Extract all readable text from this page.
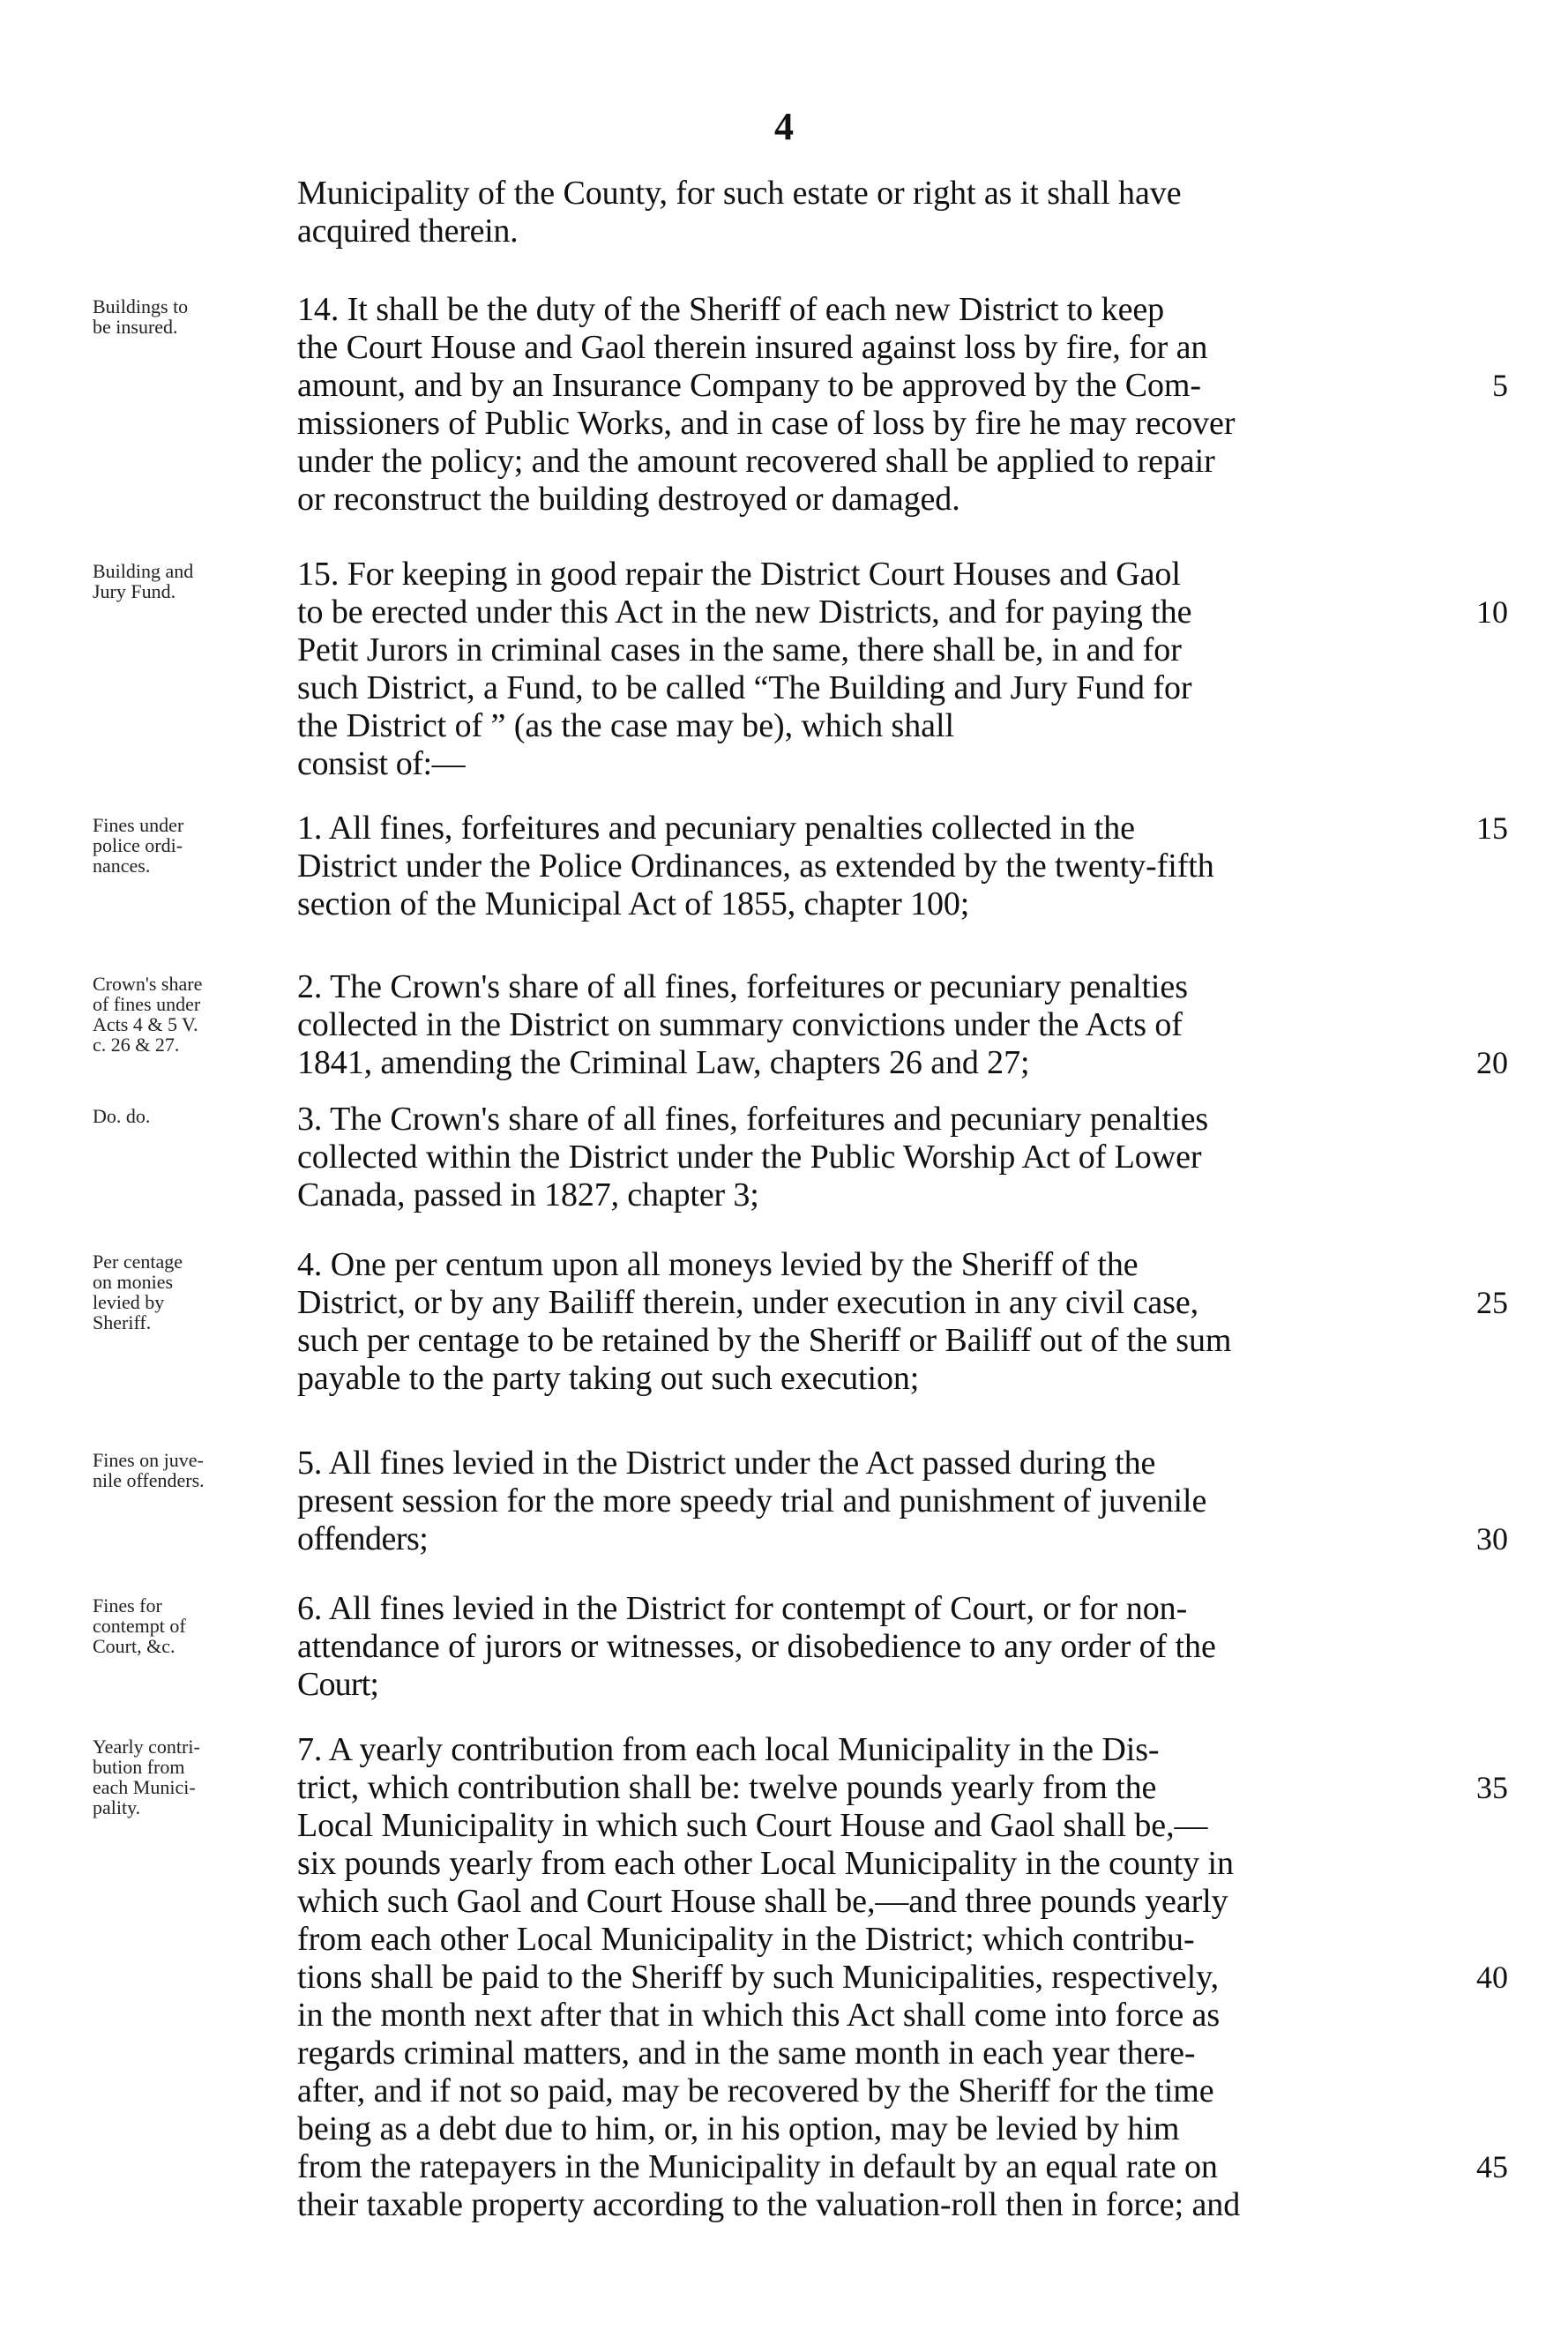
4
Municipality of the County, for such estate or right as it shall have
acquired therein.
Buildings to
be insured.
5
14. It shall be the duty of the Sheriff of each new District to keep
the Court House and Gaol therein insured against loss by fire, for an
amount, and by an Insurance Company to be approved by the Com-
missioners of Public Works, and in case of loss by fire he may recover
under the policy; and the amount recovered shall be applied to repair
or reconstruct the building destroyed or damaged.
Building and
Jury Fund.
10
15. For keeping in good repair the District Court Houses and Gaol
to be erected under this Act in the new Districts, and for paying the
Petit Jurors in criminal cases in the same, there shall be, in and for
such District, a Fund, to be called “The Building and Jury Fund for
the District of ” (as the case may be), which shall
consist of:—
Fines under
police ordi-
nances.
15
1. All fines, forfeitures and pecuniary penalties collected in the
District under the Police Ordinances, as extended by the twenty-fifth
section of the Municipal Act of 1855, chapter 100;
Crown's share
of fines under
Acts 4 & 5 V.
c. 26 & 27.
20
2. The Crown's share of all fines, forfeitures or pecuniary penalties
collected in the District on summary convictions under the Acts of
1841, amending the Criminal Law, chapters 26 and 27;
Do. do.	3. The Crown's share of all fines, forfeitures and pecuniary penalties
collected within the District under the Public Worship Act of Lower
Canada, passed in 1827, chapter 3;
Per centage
on monies
levied by
Sheriff.
25
4. One per centum upon all moneys levied by the Sheriff of the
District, or by any Bailiff therein, under execution in any civil case,
such per centage to be retained by the Sheriff or Bailiff out of the sum
payable to the party taking out such execution;
Fines on juve-
nile offenders.
30
5. All fines levied in the District under the Act passed during the
present session for the more speedy trial and punishment of juvenile
offenders;
Fines for
contempt of
Court, &c.
6. All fines levied in the District for contempt of Court, or for non-
attendance of jurors or witnesses, or disobedience to any order of the
Court;
Yearly contri-
bution from
each Munici-
pality.
35
40
45
7. A yearly contribution from each local Municipality in the Dis-
trict, which contribution shall be: twelve pounds yearly from the
Local Municipality in which such Court House and Gaol shall be,—
six pounds yearly from each other Local Municipality in the county in
which such Gaol and Court House shall be,—and three pounds yearly
from each other Local Municipality in the District; which contribu-
tions shall be paid to the Sheriff by such Municipalities, respectively,
in the month next after that in which this Act shall come into force as
regards criminal matters, and in the same month in each year there-
after, and if not so paid, may be recovered by the Sheriff for the time
being as a debt due to him, or, in his option, may be levied by him
from the ratepayers in the Municipality in default by an equal rate on
their taxable property according to the valuation-roll then in force; and
